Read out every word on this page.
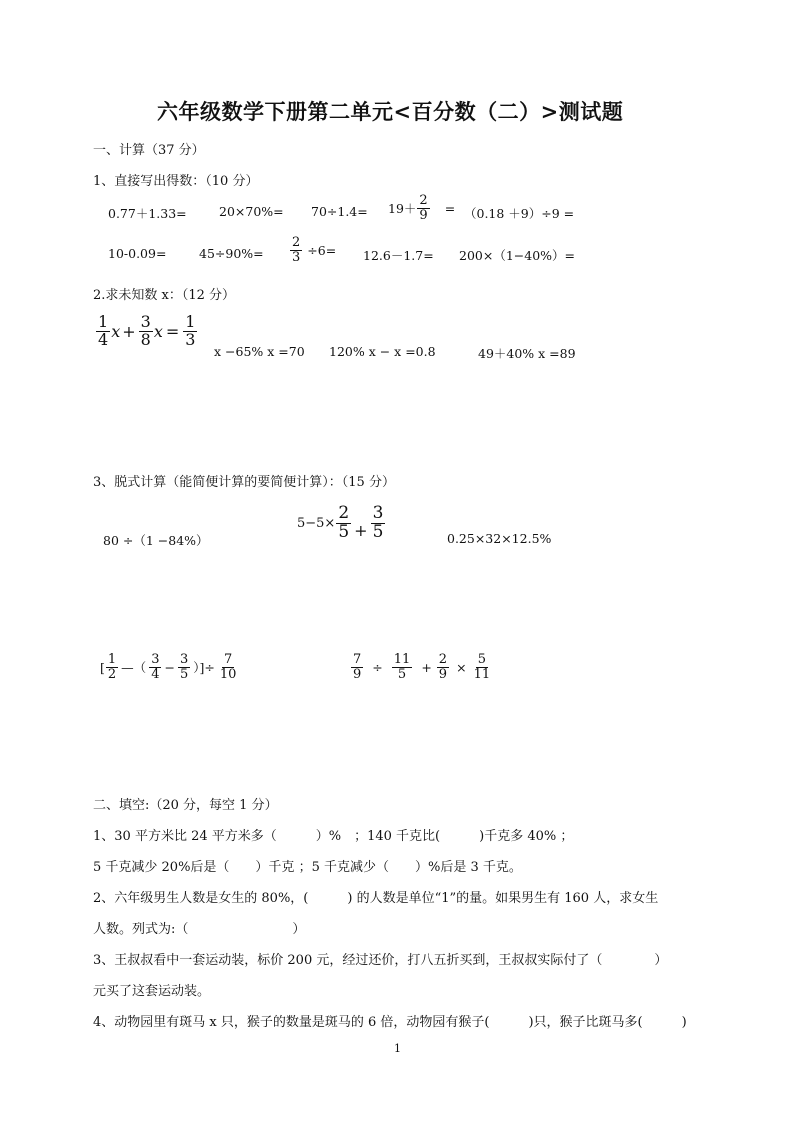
六年级数学下册第二单元<百分数（二）>测试题
一、计算（37 分）
1、直接写出得数：（10 分）
0.77＋1.33=	$20\times 70\%= 70\div 1.4= 19+ \frac{2}{9} = (0.18 +9)\div 9$ =
10-0.09=	$45\div 90\%= \frac{2}{3} \div 6= 12.6-1.7= 200\times(1-40\%)=$
2.求未知数 x：（12 分）
$\frac{1}{4}$ $x + \frac{3}{8}$ $x = \frac{1}{3}$
x −65% x =70 120% x − x =0.8	49＋40% x =89
3、脱式计算（能简便计算的要简便计算）：（15 分）
80 ÷（1 −84%）
$5-5\times \frac{2}{5} + \frac{3}{5}$	0.25×32×12.5%
[ $\frac{1}{2}$ —（ $\frac{3}{4} - \frac{3}{5}$ ）]÷ $\frac{7}{10}$	$\frac{7}{9} \div \frac{11}{5} + \frac{2}{9} \times \frac{5}{11}$
二、填空:（20 分，每空 1 分）
1、30 平方米比 24 平方米多（　　　）%　；140 千克比(　　　)千克多 40% ；
5 千克减少 20%后是（　　）千克 ；5 千克减少（　　）%后是 3 千克。
2、六年级男生人数是女生的 80%，(　　　) 的人数是单位“1”的量。如果男生有 160 人，求女生
人数。列式为:（　　　　　　　　）
3、王叔叔看中一套运动装，标价 200 元，经过还价，打八五折买到，王叔叔实际付了（　　　　）
元买了这套运动装。
4、动物园里有斑马 x 只，猴子的数量是斑马的 6 倍，动物园有猴子(　　　)只，猴子比斑马多(　　　)
1
